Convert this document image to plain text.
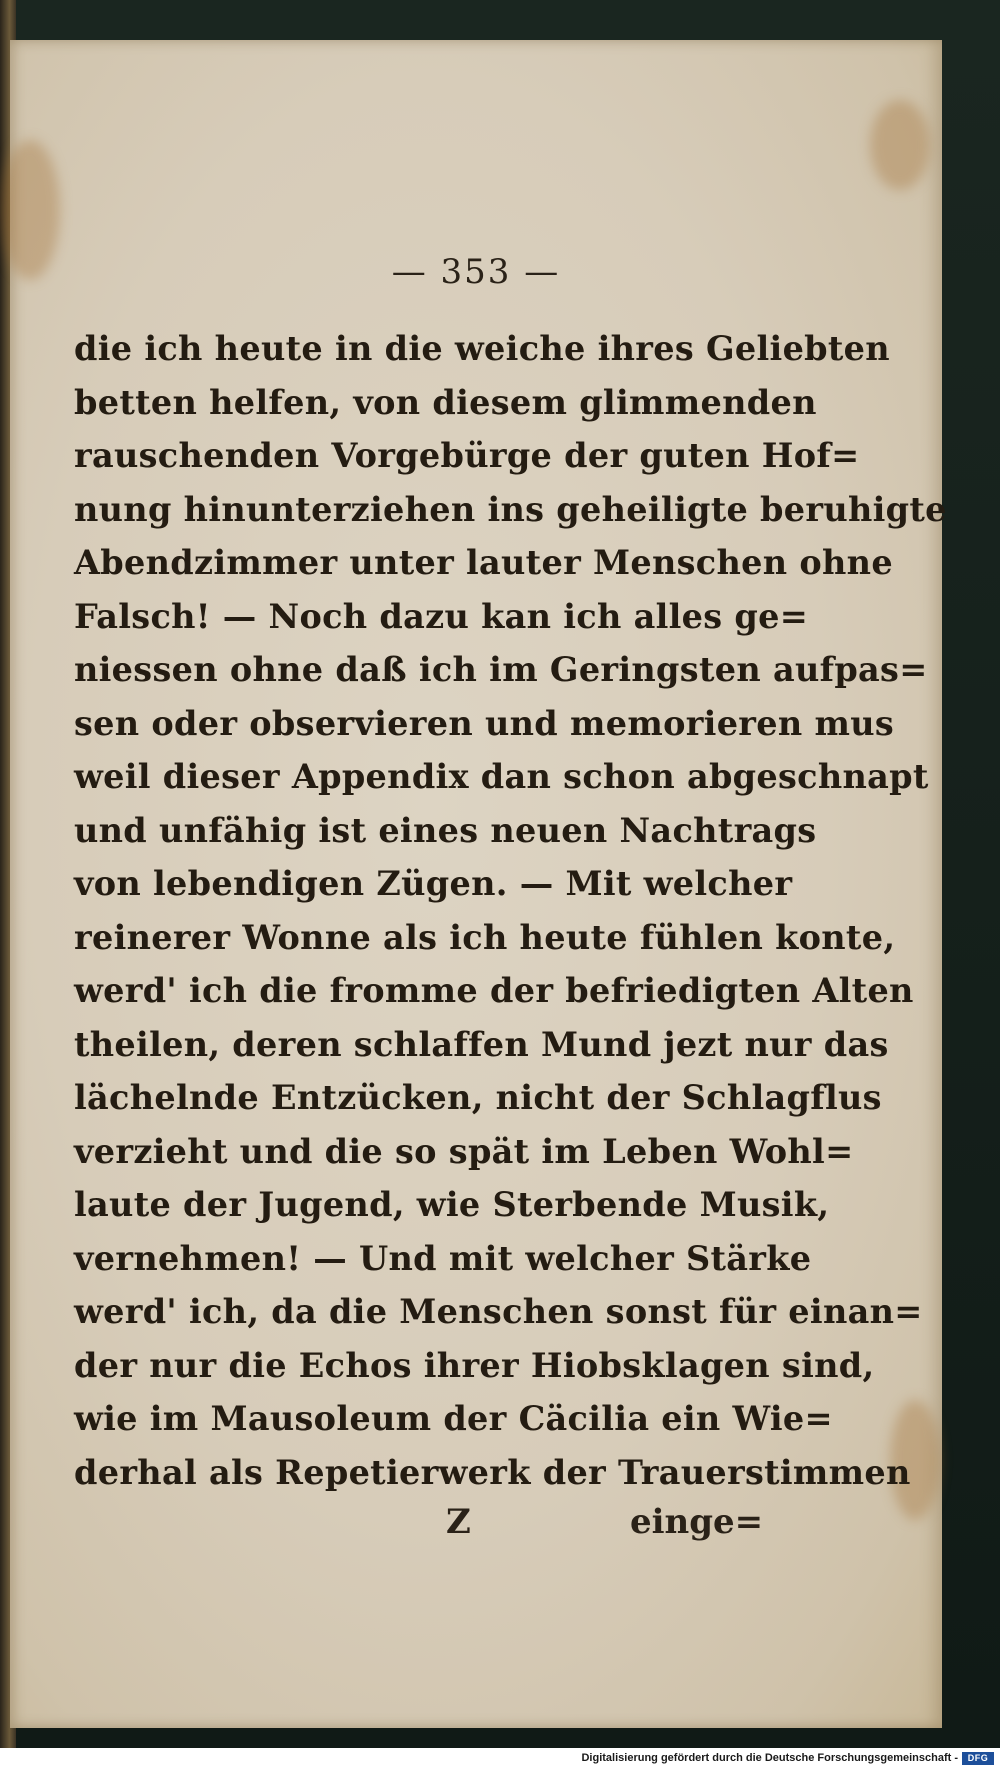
— 353 —
die ich heute in die weiche ihres Geliebten
betten helfen, von diesem glimmenden
rauschenden Vorgebürge der guten Hof=
nung hinunterziehen ins geheiligte beruhigte
Abendzimmer unter lauter Menschen ohne
Falsch! — Noch dazu kan ich alles ge=
niessen ohne daß ich im Geringsten aufpas=
sen oder observieren und memorieren mus
weil dieser Appendix dan schon abgeschnapt
und unfähig ist eines neuen Nachtrags
von lebendigen Zügen. — Mit welcher
reinerer Wonne als ich heute fühlen konte,
werd' ich die fromme der befriedigten Alten
theilen, deren schlaffen Mund jezt nur das
lächelnde Entzücken, nicht der Schlagflus
verzieht und die so spät im Leben Wohl=
laute der Jugend, wie Sterbende Musik,
vernehmen! — Und mit welcher Stärke
werd' ich, da die Menschen sonst für einan=
der nur die Echos ihrer Hiobsklagen sind,
wie im Mausoleum der Cäcilia ein Wie=
derhal als Repetierwerk der Trauerstimmen
Z	einge=
Digitalisierung gefördert durch die Deutsche Forschungsgemeinschaft -	DFG
